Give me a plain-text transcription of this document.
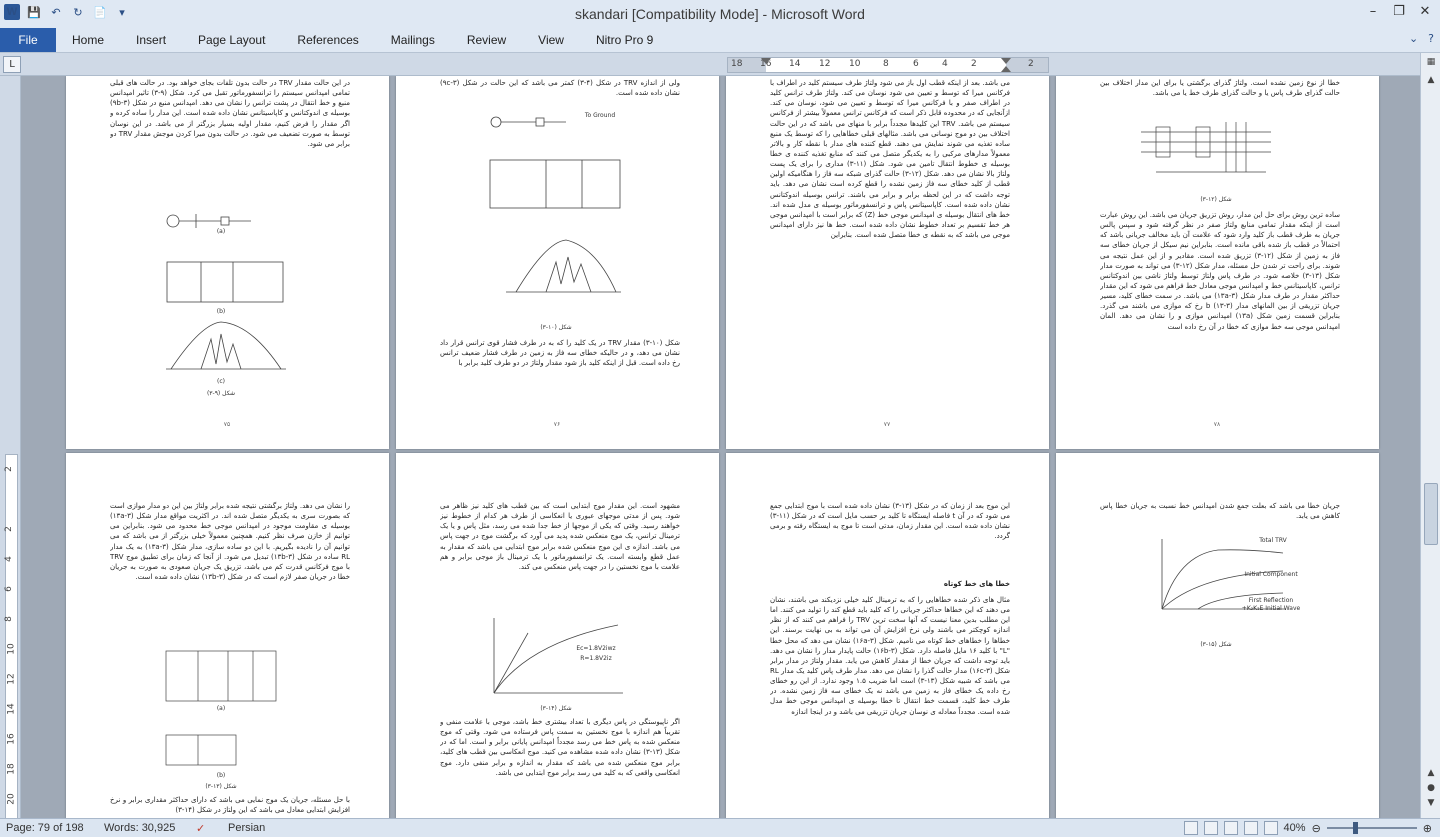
W 💾 ↶	↻ 📄	▾	skandari [Compatibility Mode] - Microsoft Word	– ❐ ✕
File	Home	Insert	Page Layout	References	Mailings	Review	View	Nitro Pro 9	⌄ ?
L	18 16 14 12 10	8	6	4	2	2
2
2
4
6
8
10
12
14
16
18
20
▦
▲
▲
●
▼
در این حالت مقدار TRV در حالت بدون تلفات بجای خواهد بود. در حالت های قبلی تمامی امپدانس سیستم را ترانسفورماتور تقبل می کرد. شکل (۹-۳) تاثیر امپدانس منبع و خط انتقال در پشت ترانس را نشان می دهد. امپدانس منبع در شکل (۹b-۳) بوسیله ی اندوکتانس و کاپاسیتانس نشان داده شده است. این مدار را ساده کرده و اگر مقدار را فرض کنیم، مقدار اولیه بسیار بزرگتر از می باشد. در این نوسان توسط به صورت تضعیف می شود. در حالت بدون میرا کردن موجش مقدار TRV دو برابر می شود.
(a)
(b)
(c)
شکل (۹-۳)
۷۵
ولی از اندازه TRV در شکل (۴-۳) کمتر می باشد که این حالت در شکل (۹c-۳) نشان داده شده است.
To Ground
شکل (۱۰-۳)
شکل (۱۰-۳) مقدار TRV در یک کلید را که به در طرف فشار قوی ترانس قرار داد نشان می دهد، و در حالیکه خطای سه فاز به زمین در طرف فشار ضعیف ترانس رخ داده است. قبل از اینکه کلید باز شود مقدار ولتاژ در دو طرف کلید برابر با
۷۶
می باشد. بعد از اینکه قطب اول باز می شود ولتاژ طرف سیستم کلید در اطراف با فرکانس میرا که توسط و تعیین می شود نوسان می کند. ولتاژ طرف ترانس کلید در اطراف صفر و با فرکانس میرا که توسط و تعیین می شود، نوسان می کند. ازآنجایی که در محدوده قابل ذکر است که فرکانس ترانس معمولاً بیشتر از فرکانس سیستم می باشد. TRV این کلیدها مجدداً برابر با منهای می باشد که در این حالت اختلاف بین دو موج نوسانی می باشد. مثالهای قبلی خطاهایی را که توسط یک منبع ساده تغذیه می شوند نمایش می دهند. قطع کننده های مدار با نقطه کار و بالاتر معمولاً مدارهای مرکبی را به یکدیگر متصل می کنند که منابع تغذیه کننده ی خطا بوسیله ی خطوط انتقال تامین می شود. شکل (۱۱-۳) مداری را برای یک پست ولتاژ بالا نشان می دهد. شکل (۱۲-۳) حالت گذرای شبکه سه فاز را هنگامیکه اولین قطب از کلید خطای سه فاز زمین نشده را قطع کرده است نشان می دهد. باید توجه داشت که در این لحظه برابر و برابر می باشند. ترانس بوسیله اندوکتانس نشان داده شده است. کاپاسیتانس پاس و ترانسفورماتور بوسیله ی مدل شده اند. خط های انتقال بوسیله ی امپدانس موجی خط (Z) که برابر است با امپدانس موجی هر خط تقسیم بر تعداد خطوط نشان داده شده است. خط ها نیز دارای امپدانس موجی می باشد که به نقطه ی خطا متصل شده است. بنابراین
۷۷
خطا از نوع زمین نشده است. ولتاژ گذرای برگشتی یا برای این مدار اختلاف بین حالت گذرای طرف پاس یا و حالت گذرای طرف خط یا می باشد.
شکل (۱۲-۳)
ساده ترین روش برای حل این مدار، روش تزریق جریان می باشد. این روش عبارت است از اینکه مقدار تمامی منابع ولتاژ صفر در نظر گرفته شود و سپس پالس جریان به طرف قطب باز کلید وارد شود که علامت آن باید مخالف جریانی باشد که احتمالاً در قطب باز شده باقی مانده است. بنابراین نیم سیکل از جریان خطای سه فاز به زمین از شکل (۱۲-۳) تزریق شده است. مقادیر و از این عمل نتیجه می شوند. برای راحت تر شدن حل مسئله، مدار شکل (۱۲-۳) می تواند به صورت مدار شکل (۱۳-۳) خلاصه شود. در طرف پاس ولتاژ توسط ولتاژ ناشی بین اندوکتانس ترانس، کاپاسیتانس خط و امپدانس موجی معادل خط فراهم می شود که این مقدار حداکثر مقدار در طرف مدار شکل (۱۳a-۳) می باشد. در سمت خطای کلید، مسیر جریان تزریقی از بین المانهای مدار b (۱۳-۳) رخ که موازی می باشند می گذرد. بنابراین قسمت زمین شکل (۱۳a) امپدانس موازی و را نشان می دهد. المان امپدانس موجی سه خط موازی که خطا در آن رخ داده است
۷۸
را نشان می دهد. ولتاژ برگشتی نتیجه شده برابر ولتاژ بین این دو مدار موازی است که بصورت سری به یکدیگر متصل شده اند. در اکثریت مواقع مدار شکل (۱۳a-۳) بوسیله ی مقاومت موجود در امپدانس موجی خط محدود می شود. بنابراین می توانیم از خازن صرف نظر کنیم. همچنین معمولاً خیلی بزرگتر از می باشد که می توانیم آن را نادیده بگیریم. با این دو ساده سازی، مدار شکل (۱۳a-۳) به یک مدار RL ساده در شکل (۱۳b-۳) تبدیل می شود. از آنجا که زمان برای تطبیق موج TRV با موج فرکانس قدرت کم می باشد، تزریق یک جریان صعودی به صورت به جریان خطا در جریان صفر لازم است که در شکل (۱۳b-۳) نشان داده شده است.
(a)
(b)
شکل (۱۳-۳)
با حل مسئله، جریان یک موج نمایی می باشد که دارای حداکثر مقداری برابر و نرخ افزایش ابتدایی معادل می باشد که این ولتاژ در شکل (۱۴-۳)
مشهود است. این مقدار موج ابتدایی است که بین قطب های کلید نیز ظاهر می شود. پس از مدتی موجهای عبوری یا انعکاسی از طرف هر کدام از خطوط نیز خواهند رسید. وقتی که یکی از موجها از خط جدا شده می رسد، مثل پاس و یا یک ترمینال ترانس، یک موج منعکس شده پدید می آورد که برگشت موج در جهت پاس می باشد. اندازه ی این موج منعکس شده برابر موج ابتدایی می باشد که مقدار به عمل قطع وابسته است. یک ترانسفورماتور با یک ترمینال باز موجی برابر و هم علامت با موج نخستین را در جهت پاس منعکس می کند.
Ec=1.8V2iwz
R=1.8V2iz
شکل (۱۴-۳)
اگر ناپیوستگی در پاس دیگری با تعداد بیشتری خط باشد، موجی با علامت منفی و تقریباً هم اندازه با موج نخستین به سمت پاس فرستاده می شود. وقتی که موج منعکس شده به پاس خط می رسد مجدداً امپدانس پایانی برابر و است. اما که در شکل (۱۳-۳) نشان داده شده مشاهده می کنید. موج انعکاسی بین قطب های کلید، برابر موج منعکس شده می باشد که مقدار به اندازه و برابر منفی دارد. موج انعکاسی واقعی که به کلید می رسد برابر موج ابتدایی می باشد.
این موج بعد از زمان که در شکل (۱۳-۳) نشان داده شده است با موج ابتدایی جمع می شود که در آن t فاصله ایستگاه تا کلید بر حسب مایل است که در شکل (۱۱-۳) نشان داده شده است. این مقدار زمان، مدتی است تا موج به ایستگاه رفته و برمی گردد.
خطا های خط کوتاه
مثال های ذکر شده خطاهایی را که به ترمینال کلید خیلی نزدیکند می باشند، نشان می دهند که این خطاها حداکثر جریانی را که کلید باید قطع کند را تولید می کنند. اما این مطلب بدین معنا نیست که آنها سخت ترین TRV را فراهم می کنند که از نظر اندازه کوچکتر می باشند ولی نرخ افزایش آن می تواند به بی نهایت برسند. این خطاها را خطاهای خط کوتاه می نامیم. شکل (۱۶a-۳) نشان می دهد که محل خطا "L" با کلید ۱۶ مایل فاصله دارد. شکل (۱۶b-۳) حالت پایدار مدار را نشان می دهد. باید توجه داشت که جریان خطا از مقدار کاهش می یابد. مقدار ولتاژ در مدار برابر شکل (۱۶c-۳) مدار حالت گذرا را نشان می دهد. مدار طرف پاس کلید یک مدار RL می باشد که شبیه شکل (۱۳-۳) است اما ضریب ۱.۵ وجود ندارد. از این رو خطای رخ داده یک خطای فاز به زمین می باشد نه یک خطای سه فاز زمین نشده. در طرف خط کلید، قسمت خط انتقال تا خطا بوسیله ی امپدانس موجی خط مدل شده است. مجدداً معادله ی نوسان جریان تزریقی می باشد و در اینجا اندازه
جریان خطا می باشد که بعلت جمع شدن امپدانس خط نسبت به جریان خطا پاس کاهش می یابد.
Total TRV
Initial Component
First Reflection
+K₂K₃E Initial Wave
شکل (۱۵-۳)
Page: 79 of 198 Words: 30,925 ✓ Persian	40% ⊖	⊕
